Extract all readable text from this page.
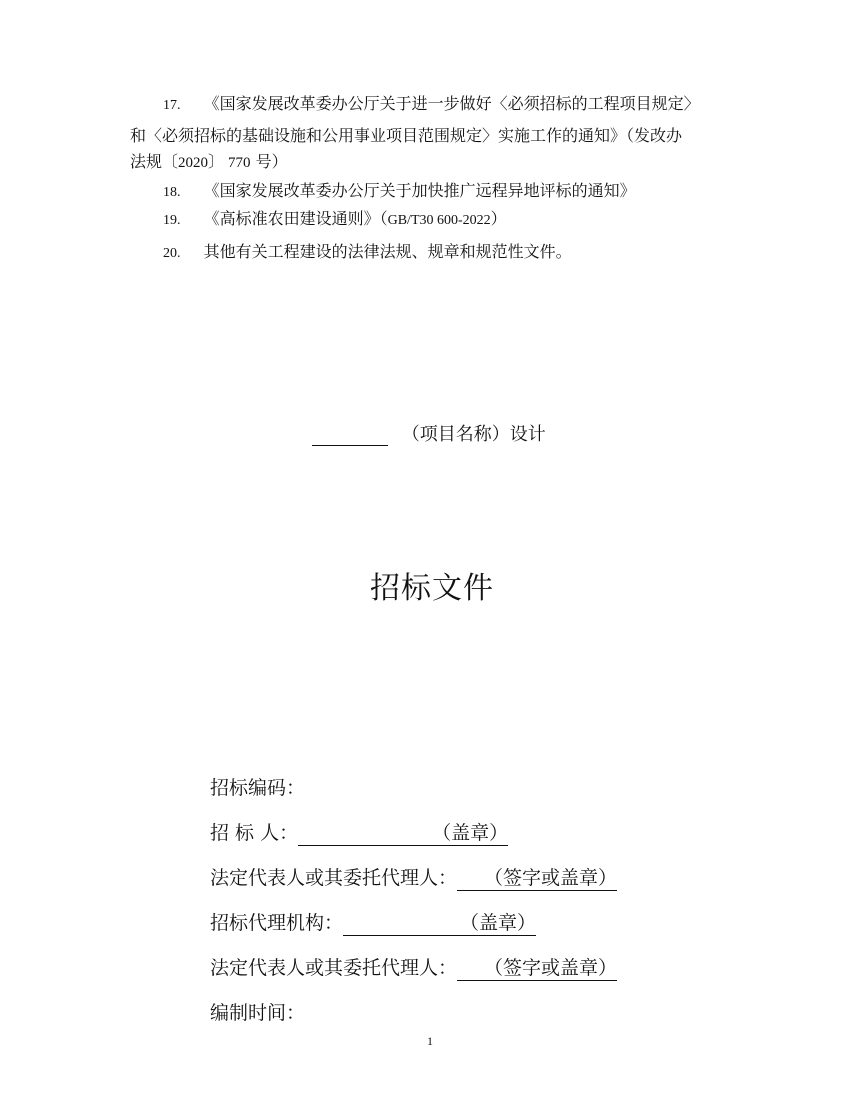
17. 《国家发展改革委办公厅关于进一步做好〈必须招标的工程项目规定〉
和〈必须招标的基础设施和公用事业项目范围规定〉实施工作的通知》（发改办
法规〔2020〕 770 号）
18. 《国家发展改革委办公厅关于加快推广远程异地评标的通知》
19. 《高标准农田建设通则》（GB/T30 600-2022）
20. 其他有关工程建设的法律法规、规章和规范性文件。
（项目名称）设计
招标文件
招标编码：
招 标 人：	（盖章）
法定代表人或其委托代理人： （签字或盖章）
招标代理机构：	（盖章）
法定代表人或其委托代理人： （签字或盖章）
编制时间：
1
